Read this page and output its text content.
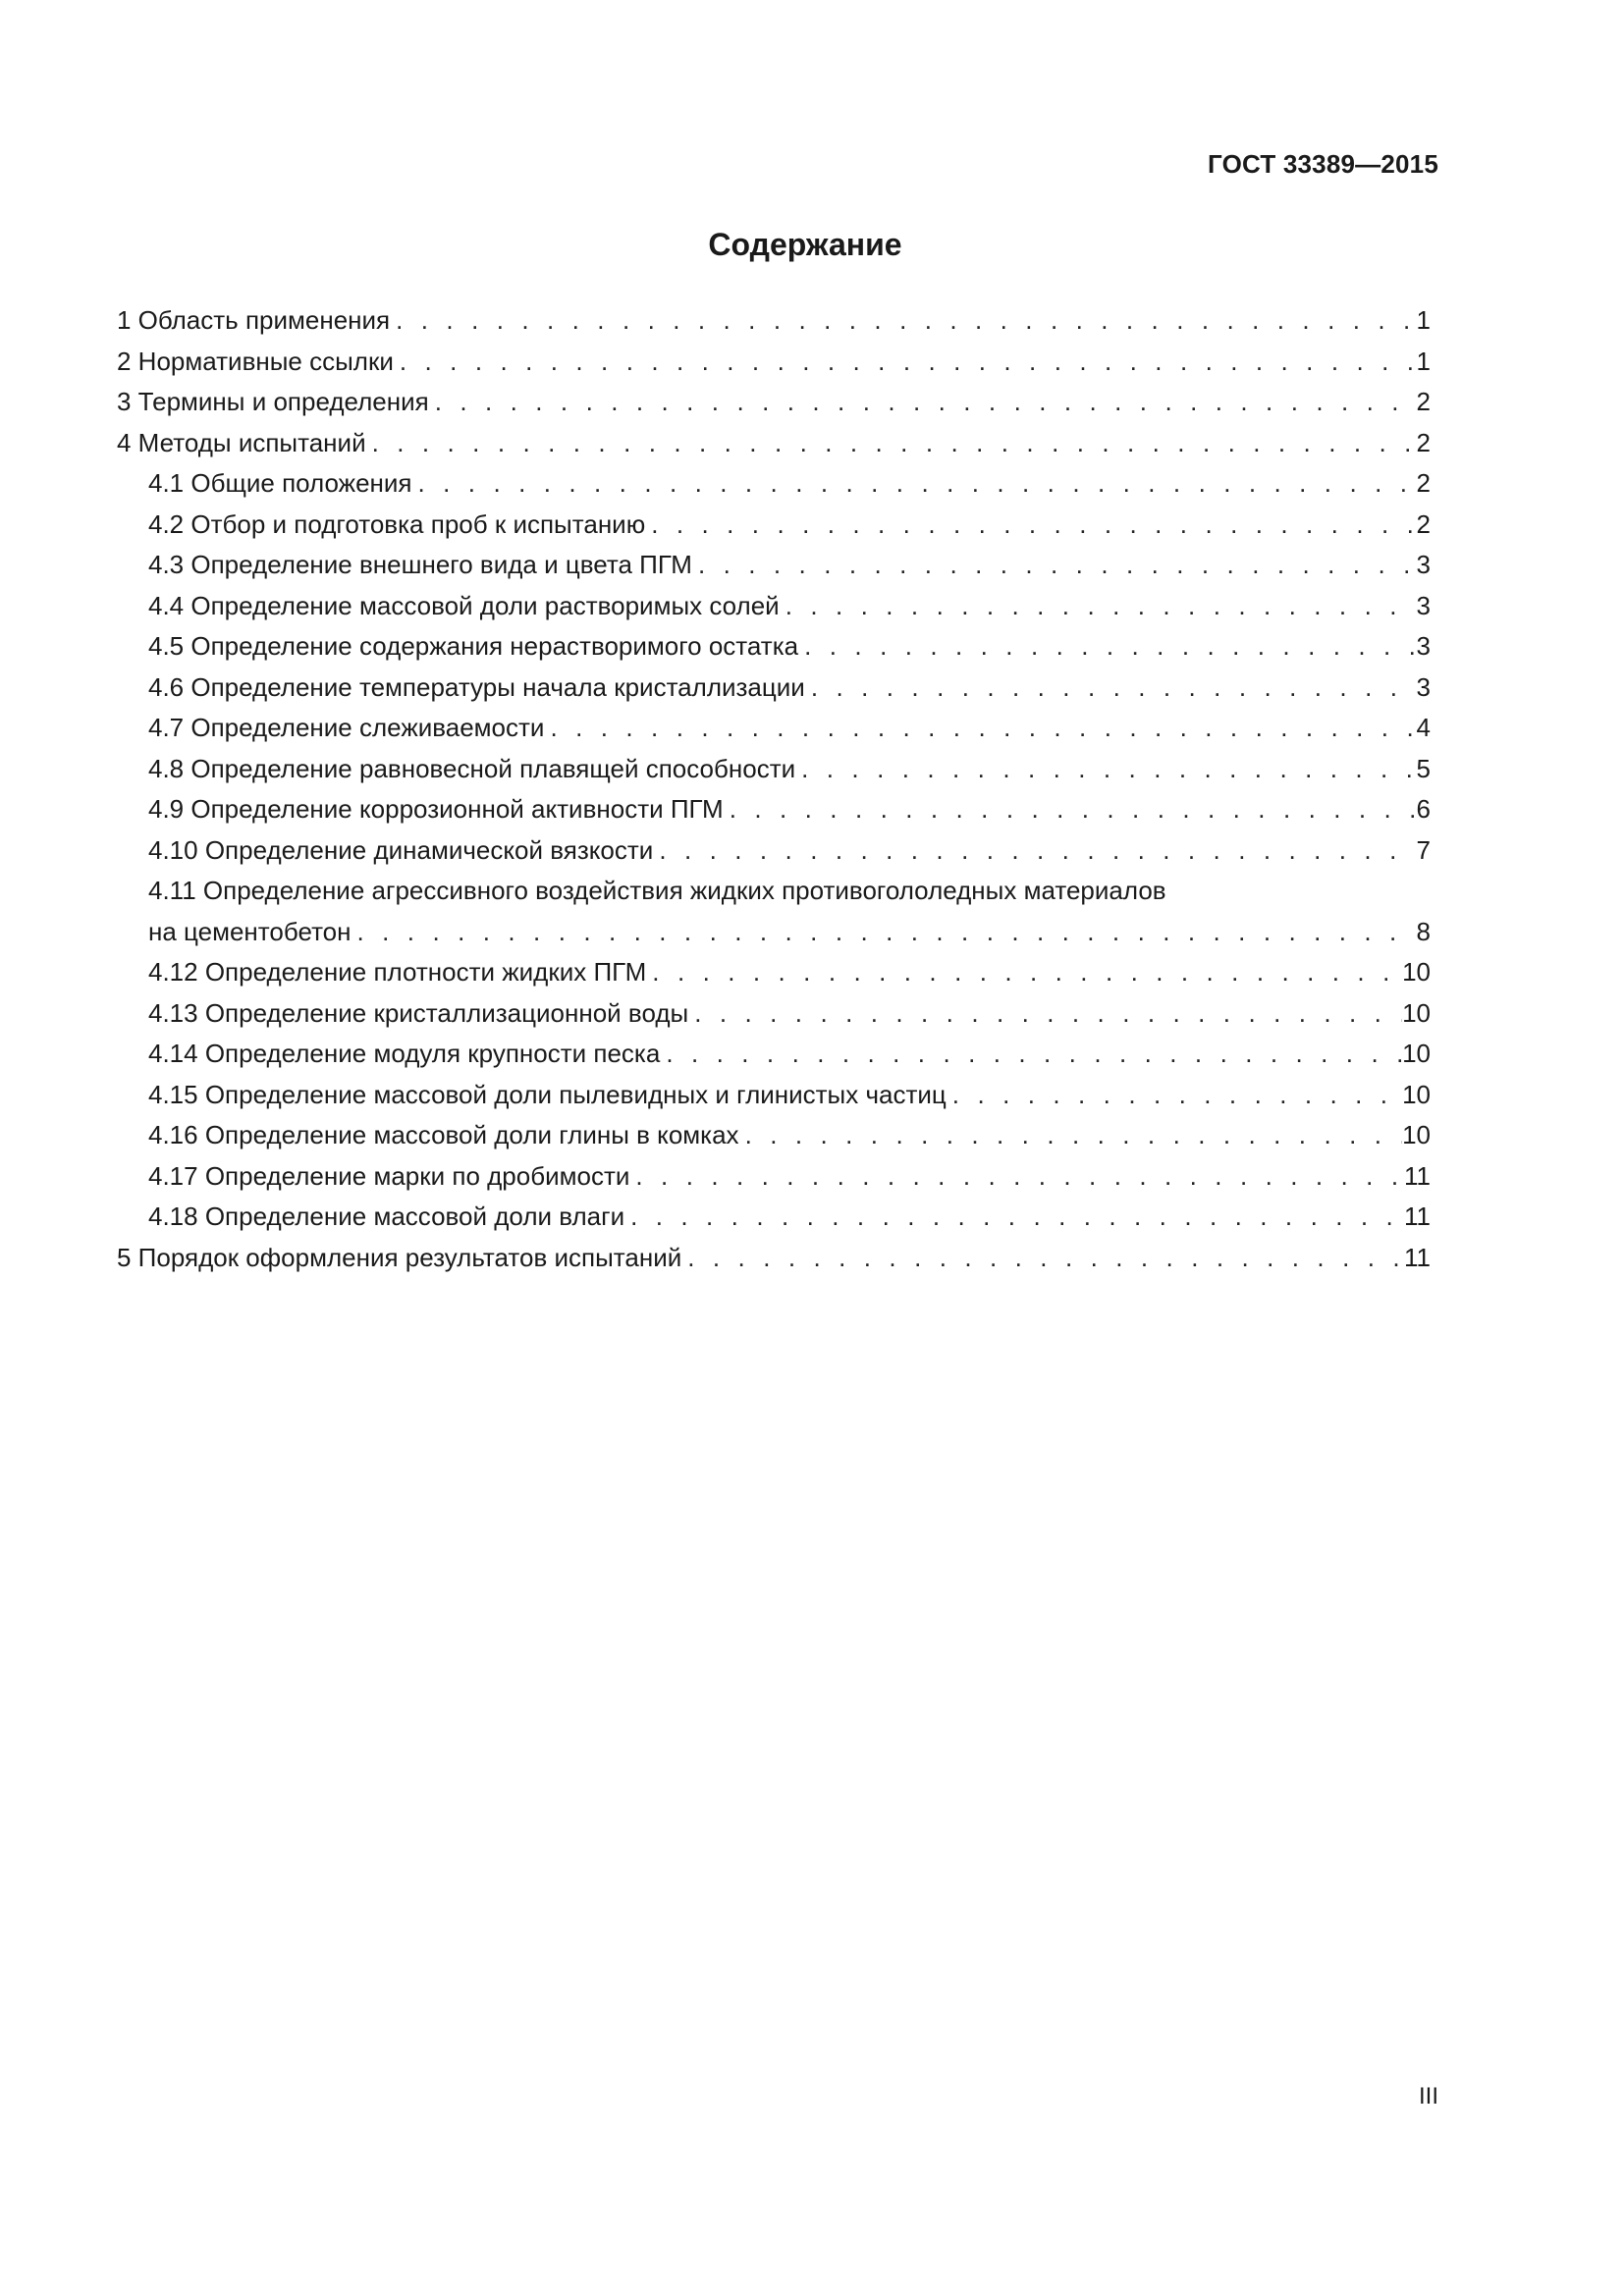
ГОСТ 33389—2015
Содержание
1 Область применения . . .	1
2 Нормативные ссылки . . .	1
3 Термины и определения . . .	2
4 Методы испытаний . . .	2
4.1 Общие положения . . .	2
4.2 Отбор и подготовка проб к испытанию . . .	2
4.3 Определение внешнего вида и цвета ПГМ . . .	3
4.4 Определение массовой доли растворимых солей . . .	3
4.5 Определение содержания нерастворимого остатка . . .	3
4.6 Определение температуры начала кристаллизации . . .	3
4.7 Определение слеживаемости . . .	4
4.8 Определение равновесной плавящей способности . . .	5
4.9 Определение коррозионной активности ПГМ . . .	6
4.10 Определение динамической вязкости . . .	7
4.11 Определение агрессивного воздействия жидких противогололедных материалов
на цементобетон . . .	8
4.12 Определение плотности жидких ПГМ . . .	10
4.13 Определение кристаллизационной воды . . .	10
4.14 Определение модуля крупности песка . . .	10
4.15 Определение массовой доли пылевидных и глинистых частиц . . .	10
4.16 Определение массовой доли глины в комках . . .	10
4.17 Определение марки по дробимости . . .	11
4.18 Определение массовой доли влаги . . .	11
5 Порядок оформления результатов испытаний . . .	11
III
